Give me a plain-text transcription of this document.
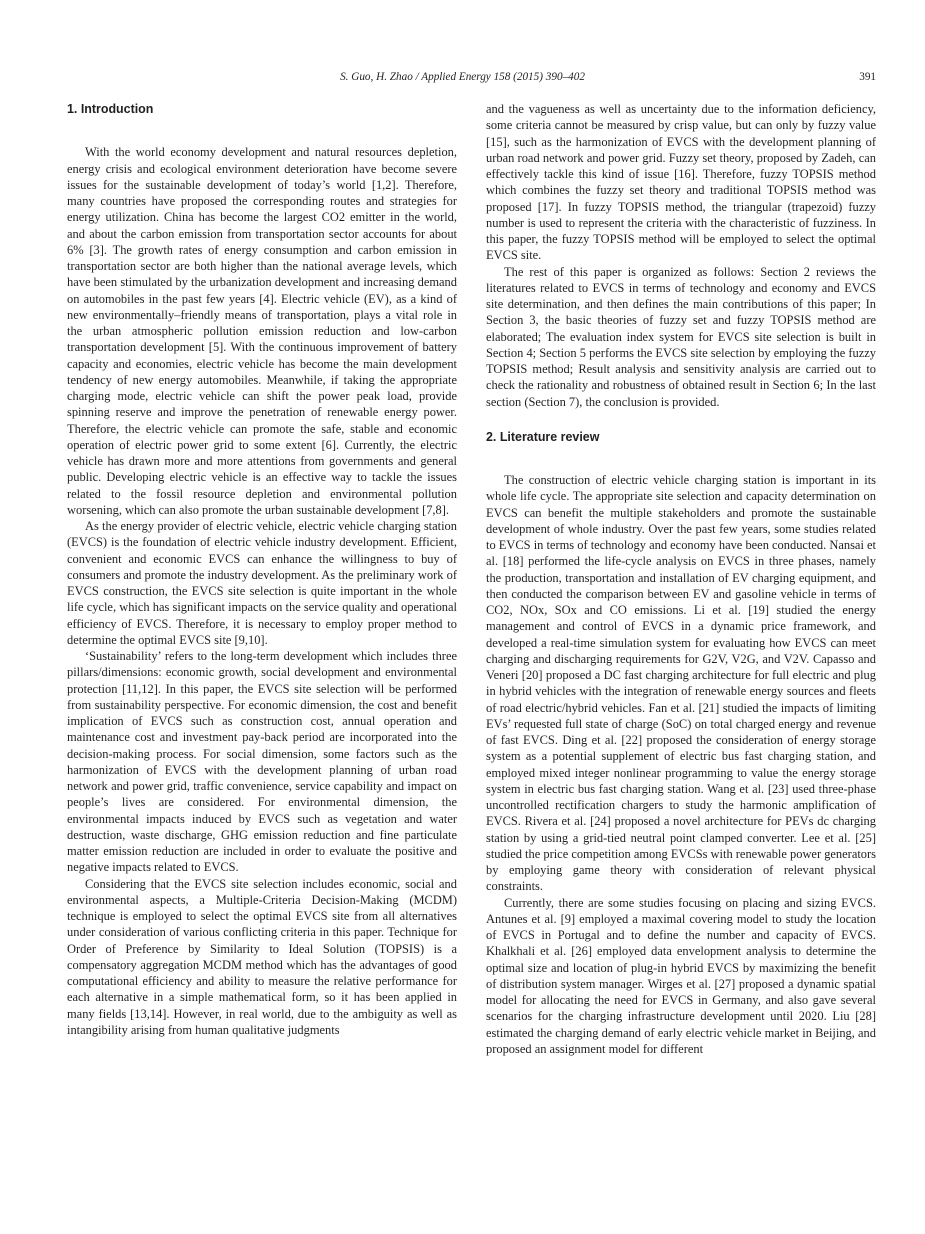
S. Guo, H. Zhao / Applied Energy 158 (2015) 390–402	391
1. Introduction

With the world economy development and natural resources depletion, energy crisis and ecological environment deterioration have become severe issues for the sustainable development of today’s world [1,2]. Therefore, many countries have proposed the corresponding routes and strategies for energy utilization. China has become the largest CO2 emitter in the world, and about the carbon emission from transportation sector accounts for about 6% [3]. The growth rates of energy consumption and carbon emission in transportation sector are both higher than the national average levels, which have been stimulated by the urbanization development and increasing demand on automobiles in the past few years [4]. Electric vehicle (EV), as a kind of new environmentally–friendly means of transportation, plays a vital role in the urban atmospheric pollution emission reduction and low-carbon transportation development [5]. With the continuous improvement of battery capacity and economies, electric vehicle has become the main development tendency of new energy automobiles. Meanwhile, if taking the appropriate charging mode, electric vehicle can shift the power peak load, provide spinning reserve and improve the penetration of renewable energy power. Therefore, the electric vehicle can promote the safe, stable and economic operation of electric power grid to some extent [6]. Currently, the electric vehicle has drawn more and more attentions from governments and general public. Developing electric vehicle is an effective way to tackle the issues related to the fossil resource depletion and environmental pollution worsening, which can also promote the urban sustainable development [7,8].

As the energy provider of electric vehicle, electric vehicle charging station (EVCS) is the foundation of electric vehicle industry development. Efficient, convenient and economic EVCS can enhance the willingness to buy of consumers and promote the industry development. As the preliminary work of EVCS construction, the EVCS site selection is quite important in the whole life cycle, which has significant impacts on the service quality and operational efficiency of EVCS. Therefore, it is necessary to employ proper method to determine the optimal EVCS site [9,10].

‘Sustainability’ refers to the long-term development which includes three pillars/dimensions: economic growth, social development and environmental protection [11,12]. In this paper, the EVCS site selection will be performed from sustainability perspective. For economic dimension, the cost and benefit implication of EVCS such as construction cost, annual operation and maintenance cost and investment pay-back period are incorporated into the decision-making process. For social dimension, some factors such as the harmonization of EVCS with the development planning of urban road network and power grid, traffic convenience, service capability and impact on people’s lives are considered. For environmental dimension, the environmental impacts induced by EVCS such as vegetation and water destruction, waste discharge, GHG emission reduction and fine particulate matter emission reduction are included in order to evaluate the positive and negative impacts related to EVCS.

Considering that the EVCS site selection includes economic, social and environmental aspects, a Multiple-Criteria Decision-Making (MCDM) technique is employed to select the optimal EVCS site from all alternatives under consideration of various conflicting criteria in this paper. Technique for Order of Preference by Similarity to Ideal Solution (TOPSIS) is a compensatory aggregation MCDM method which has the advantages of good computational efficiency and ability to measure the relative performance for each alternative in a simple mathematical form, so it has been applied in many fields [13,14]. However, in real world, due to the ambiguity as well as intangibility arising from human qualitative judgments

and the vagueness as well as uncertainty due to the information deficiency, some criteria cannot be measured by crisp value, but can only by fuzzy value [15], such as the harmonization of EVCS with the development planning of urban road network and power grid. Fuzzy set theory, proposed by Zadeh, can effectively tackle this kind of issue [16]. Therefore, fuzzy TOPSIS method which combines the fuzzy set theory and traditional TOPSIS method was proposed [17]. In fuzzy TOPSIS method, the triangular (trapezoid) fuzzy number is used to represent the criteria with the characteristic of fuzziness. In this paper, the fuzzy TOPSIS method will be employed to select the optimal EVCS site.

The rest of this paper is organized as follows: Section 2 reviews the literatures related to EVCS in terms of technology and economy and EVCS site determination, and then defines the main contributions of this paper; In Section 3, the basic theories of fuzzy set and fuzzy TOPSIS method are elaborated; The evaluation index system for EVCS site selection is built in Section 4; Section 5 performs the EVCS site selection by employing the fuzzy TOPSIS method; Result analysis and sensitivity analysis are carried out to check the rationality and robustness of obtained result in Section 6; In the last section (Section 7), the conclusion is provided.

2. Literature review

The construction of electric vehicle charging station is important in its whole life cycle. The appropriate site selection and capacity determination on EVCS can benefit the multiple stakeholders and promote the sustainable development of whole industry. Over the past few years, some studies related to EVCS in terms of technology and economy have been conducted. Nansai et al. [18] performed the life-cycle analysis on EVCS in three phases, namely the production, transportation and installation of EV charging equipment, and then conducted the comparison between EV and gasoline vehicle in terms of CO2, NOx, SOx and CO emissions. Li et al. [19] studied the energy management and control of EVCS in a dynamic price framework, and developed a real-time simulation system for evaluating how EVCS can meet charging and discharging requirements for G2V, V2G, and V2V. Capasso and Veneri [20] proposed a DC fast charging architecture for full electric and plug in hybrid vehicles with the integration of renewable energy sources and fleets of road electric/hybrid vehicles. Fan et al. [21] studied the impacts of limiting EVs’ requested full state of charge (SoC) on total charged energy and revenue of fast EVCS. Ding et al. [22] proposed the consideration of energy storage system as a potential supplement of electric bus fast charging station, and employed mixed integer nonlinear programming to value the energy storage system in electric bus fast charging station. Wang et al. [23] used three-phase uncontrolled rectification chargers to study the harmonic amplification of EVCS. Rivera et al. [24] proposed a novel architecture for PEVs dc charging station by using a grid-tied neutral point clamped converter. Lee et al. [25] studied the price competition among EVCSs with renewable power generators by employing game theory with consideration of relevant physical constraints.

Currently, there are some studies focusing on placing and sizing EVCS. Antunes et al. [9] employed a maximal covering model to study the location of EVCS in Portugal and to define the number and capacity of EVCS. Khalkhali et al. [26] employed data envelopment analysis to determine the optimal size and location of plug-in hybrid EVCS by maximizing the benefit of distribution system manager. Wirges et al. [27] proposed a dynamic spatial model for allocating the need for EVCS in Germany, and also gave several scenarios for the charging infrastructure development until 2020. Liu [28] estimated the charging demand of early electric vehicle market in Beijing, and proposed an assignment model for different
